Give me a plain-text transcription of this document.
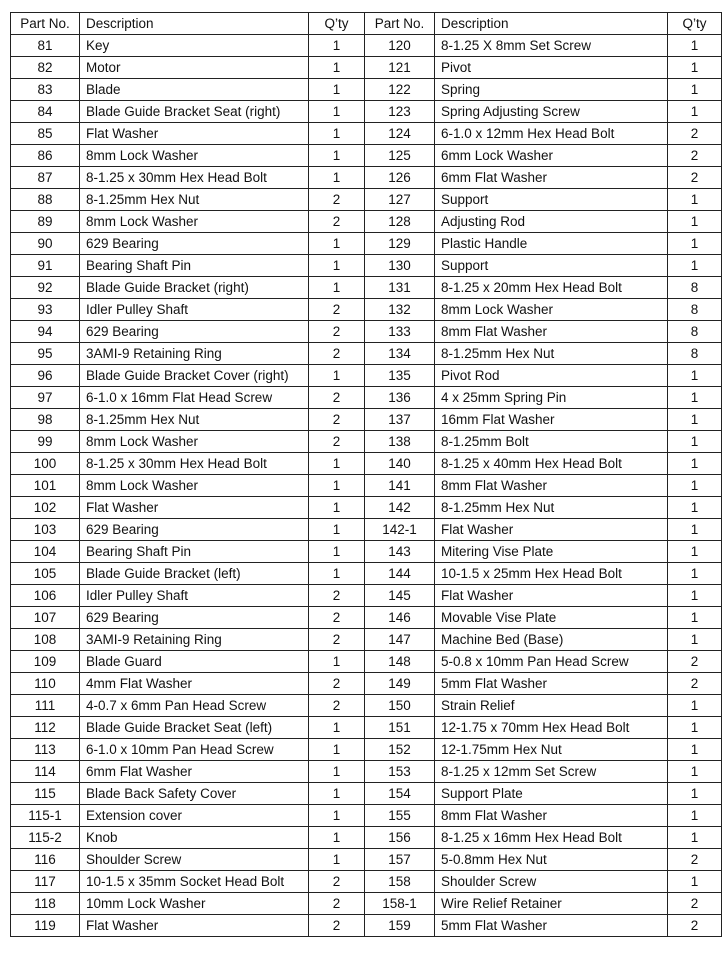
Part No.	Description	Q’ty	Part No.	Description	Q’ty
81	Key	1	120	8-1.25 X 8mm Set Screw	1
82	Motor	1	121	Pivot	1
83	Blade	1	122	Spring	1
84	Blade Guide Bracket Seat (right)	1	123	Spring Adjusting Screw	1
85	Flat Washer	1	124	6-1.0 x 12mm Hex Head Bolt	2
86	8mm Lock Washer	1	125	6mm Lock Washer	2
87	8-1.25 x 30mm Hex Head Bolt	1	126	6mm Flat Washer	2
88	8-1.25mm Hex Nut	2	127	Support	1
89	8mm Lock Washer	2	128	Adjusting Rod	1
90	629 Bearing	1	129	Plastic Handle	1
91	Bearing Shaft Pin	1	130	Support	1
92	Blade Guide Bracket (right)	1	131	8-1.25 x 20mm Hex Head Bolt	8
93	Idler Pulley Shaft	2	132	8mm Lock Washer	8
94	629 Bearing	2	133	8mm Flat Washer	8
95	3AMI-9 Retaining Ring	2	134	8-1.25mm Hex Nut	8
96	Blade Guide Bracket Cover (right)	1	135	Pivot Rod	1
97	6-1.0 x 16mm Flat Head Screw	2	136	4 x 25mm Spring Pin	1
98	8-1.25mm Hex Nut	2	137	16mm Flat Washer	1
99	8mm Lock Washer	2	138	8-1.25mm Bolt	1
100	8-1.25 x 30mm Hex Head Bolt	1	140	8-1.25 x 40mm Hex Head Bolt	1
101	8mm Lock Washer	1	141	8mm Flat Washer	1
102	Flat Washer	1	142	8-1.25mm Hex Nut	1
103	629 Bearing	1	142-1	Flat Washer	1
104	Bearing Shaft Pin	1	143	Mitering Vise Plate	1
105	Blade Guide Bracket (left)	1	144	10-1.5 x 25mm Hex Head Bolt	1
106	Idler Pulley Shaft	2	145	Flat Washer	1
107	629 Bearing	2	146	Movable Vise Plate	1
108	3AMI-9 Retaining Ring	2	147	Machine Bed (Base)	1
109	Blade Guard	1	148	5-0.8 x 10mm Pan Head Screw	2
110	4mm Flat Washer	2	149	5mm Flat Washer	2
111	4-0.7 x 6mm Pan Head Screw	2	150	Strain Relief	1
112	Blade Guide Bracket Seat (left)	1	151	12-1.75 x 70mm Hex Head Bolt	1
113	6-1.0 x 10mm Pan Head Screw	1	152	12-1.75mm Hex Nut	1
114	6mm Flat Washer	1	153	8-1.25 x 12mm Set Screw	1
115	Blade Back Safety Cover	1	154	Support Plate	1
115-1	Extension cover	1	155	8mm Flat Washer	1
115-2	Knob	1	156	8-1.25 x 16mm Hex Head Bolt	1
116	Shoulder Screw	1	157	5-0.8mm Hex Nut	2
117	10-1.5 x 35mm Socket Head Bolt	2	158	Shoulder Screw	1
118	10mm Lock Washer	2	158-1	Wire Relief Retainer	2
119	Flat Washer	2	159	5mm Flat Washer	2
